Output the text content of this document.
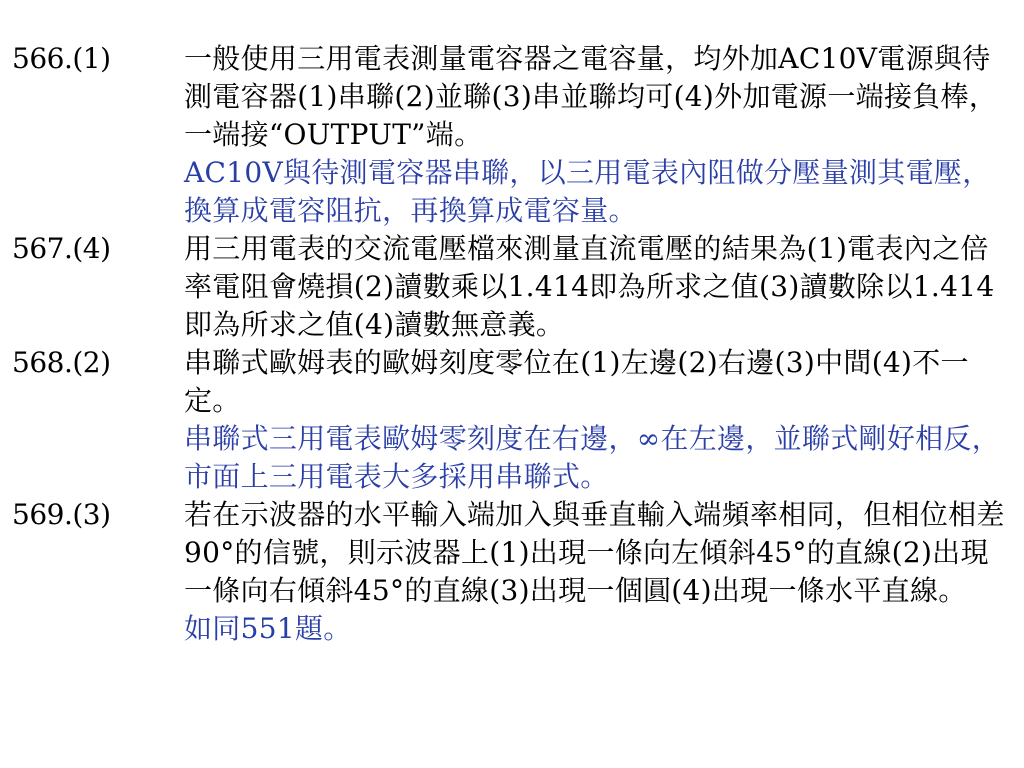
566.(1)	一般使用三用電表測量電容器之電容量，均外加AC10V電源與待測電容器(1)串聯(2)並聯(3)串並聯均可(4)外加電源一端接負棒，一端接“OUTPUT”端。
AC10V與待測電容器串聯，以三用電表內阻做分壓量測其電壓，換算成電容阻抗，再換算成電容量。
567.(4)	用三用電表的交流電壓檔來測量直流電壓的結果為(1)電表內之倍率電阻會燒損(2)讀數乘以1.414即為所求之值(3)讀數除以1.414即為所求之值(4)讀數無意義。
568.(2)	串聯式歐姆表的歐姆刻度零位在(1)左邊(2)右邊(3)中間(4)不一定。
串聯式三用電表歐姆零刻度在右邊，∞在左邊，並聯式剛好相反，市面上三用電表大多採用串聯式。
569.(3)	若在示波器的水平輸入端加入與垂直輸入端頻率相同，但相位相差90°的信號，則示波器上(1)出現一條向左傾斜45°的直線(2)出現一條向右傾斜45°的直線(3)出現一個圓(4)出現一條水平直線。
如同551題。
